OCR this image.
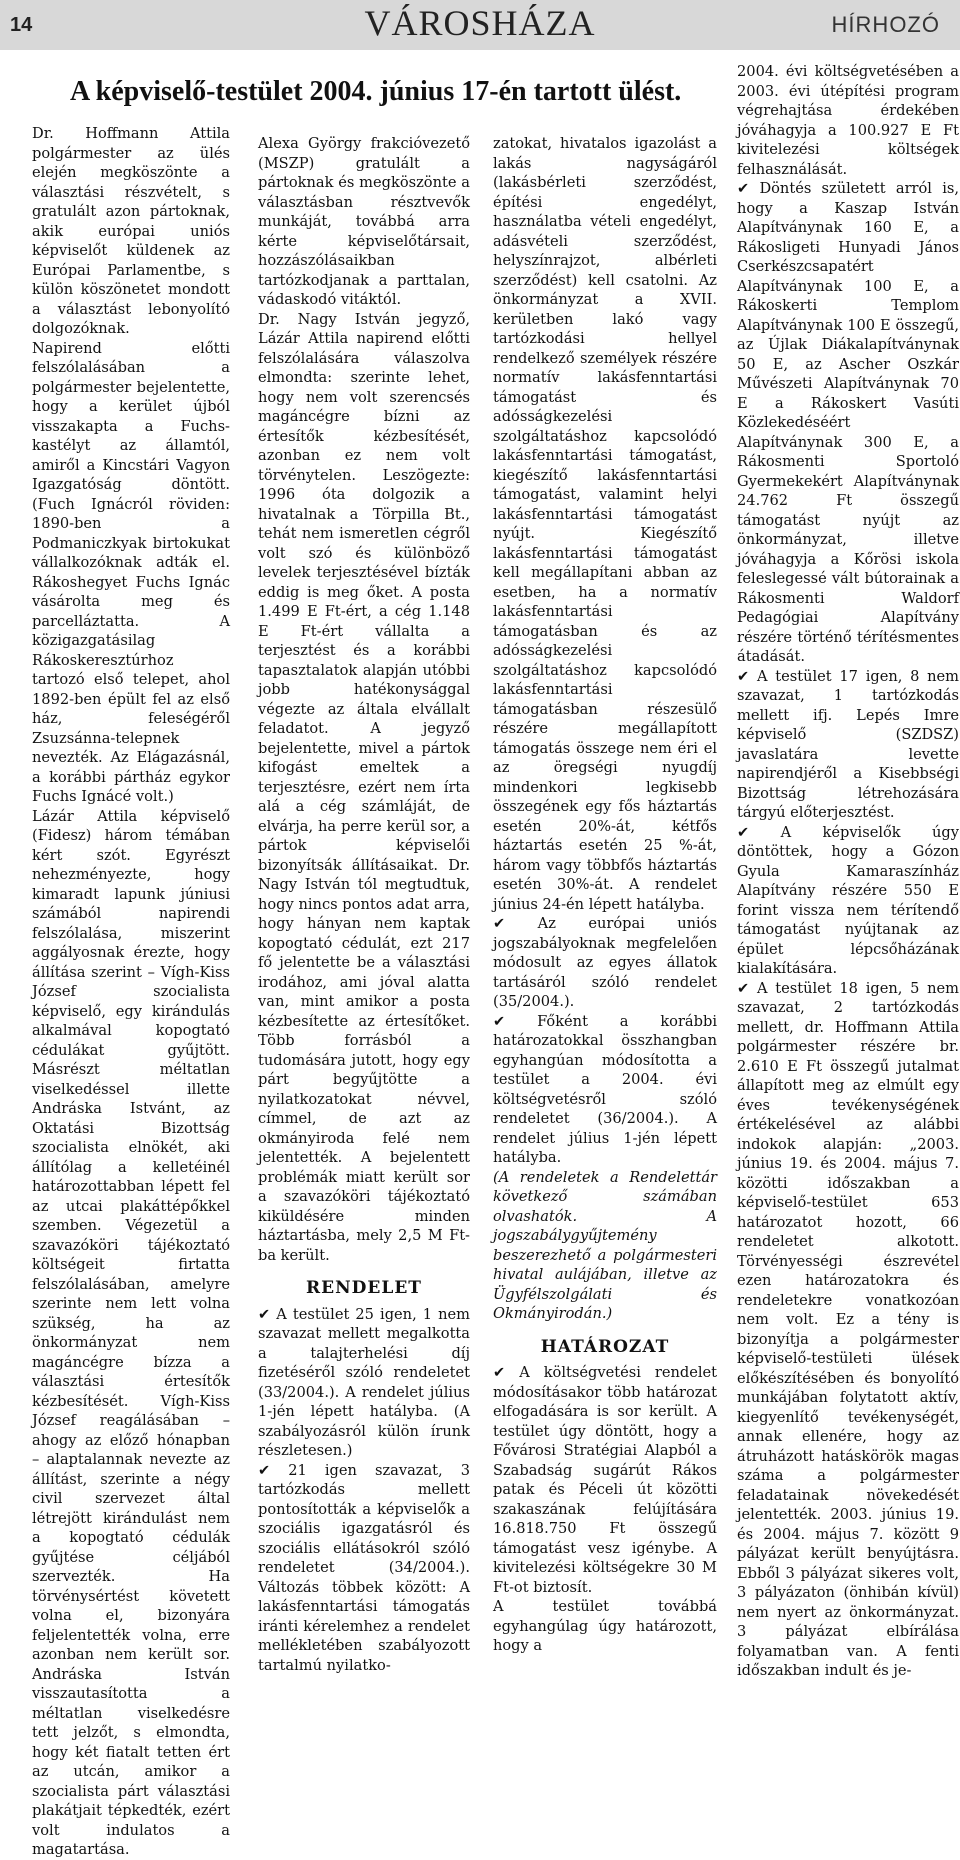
14	VÁROSHÁZA	HÍRHOZÓ
A képviselő-testület 2004. június 17-én tartott ülést.

Dr. Hoffmann Attila polgármester az ülés elején megköszönte a választási részvételt, s gratulált azon pártoknak, akik európai uniós képviselőt küldenek az Európai Parlamentbe, s külön köszönetet mondott a választást lebonyolító dolgozóknak.

Napirend előtti felszólalásában a polgármester bejelentette, hogy a kerület újból visszakapta a Fuchs-kastélyt az államtól, amiről a Kincstári Vagyon Igazgatóság döntött. (Fuch Ignácról röviden: 1890-ben a Podmaniczkyak birtokukat vállalkozóknak adták el. Rákoshegyet Fuchs Ignác vásárolta meg és parcelláztatta. A közigazgatásilag Rákoskeresztúrhoz tartozó első telepet, ahol 1892-ben épült fel az első ház, feleségéről Zsuzsánna-telepnek nevezték. Az Elágazásnál, a korábbi pártház egykor Fuchs Ignácé volt.)

Lázár Attila képviselő (Fidesz) három témában kért szót. Egyrészt nehezményezte, hogy kimaradt lapunk júniusi számából napirendi felszólalása, miszerint aggályosnak érezte, hogy állítása szerint – Vígh-Kiss József szocialista képviselő, egy kirándulás alkalmával kopogtató cédulákat gyűjtött. Másrészt méltatlan viselkedéssel illette Andráska Istvánt, az Oktatási Bizottság szocialista elnökét, aki állítólag a kelletéinél határozottabban lépett fel az utcai plakáttépőkkel szemben. Végezetül a szavazóköri tájékoztató költségeit firtatta felszólalásában, amelyre szerinte nem lett volna szükség, ha az önkormányzat nem magáncégre bízza a választási értesítők kézbesítését. Vígh-Kiss József reagálásában – ahogy az előző hónapban – alaptalannak nevezte az állítást, szerinte a négy civil szervezet által létrejött kirándulást nem a kopogtató cédulák gyűjtése céljából szervezték. Ha törvénysértést követett volna el, bizonyára feljelentették volna, erre azonban nem került sor. Andráska István visszautasította a méltatlan viselkedésre tett jelzőt, s elmondta, hogy két fiatalt tetten ért az utcán, amikor a szocialista párt választási plakátjait tépkedték, ezért volt indulatos a magatartása.

Alexa György frakcióvezető (MSZP) gratulált a pártoknak és megköszönte a választásban résztvevők munkáját, továbbá arra kérte képviselőtársait, hozzászólásaikban tartózkodjanak a parttalan, vádaskodó vitáktól.

Dr. Nagy István jegyző, Lázár Attila napirend előtti felszólalására válaszolva elmondta: szerinte lehet, hogy nem volt szerencsés magáncégre bízni az értesítők kézbesítését, azonban ez nem volt törvénytelen. Leszögezte: 1996 óta dolgozik a hivatalnak a Törpilla Bt., tehát nem ismeretlen cégről volt szó és különböző levelek terjesztésével bízták eddig is meg őket. A posta 1.499 E Ft-ért, a cég 1.148 E Ft-ért vállalta a terjesztést és a korábbi tapasztalatok alapján utóbbi jobb hatékonysággal végezte az általa elvállalt feladatot. A jegyző bejelentette, mivel a pártok kifogást emeltek a terjesztésre, ezért nem írta alá a cég számláját, de elvárja, ha perre kerül sor, a pártok képviselői bizonyítsák állításaikat. Dr. Nagy István tól megtudtuk, hogy nincs pontos adat arra, hogy hányan nem kaptak kopogtató cédulát, ezt 217 fő jelentette be a választási irodához, ami jóval alatta van, mint amikor a posta kézbesítette az értesítőket. Több forrásból a tudomására jutott, hogy egy párt begyűjtötte a nyilatkozatokat névvel, címmel, de azt az okmányiroda felé nem jelentették. A bejelentett problémák miatt került sor a szavazóköri tájékoztató kiküldésére minden háztartásba, mely 2,5 M Ft-ba került.

RENDELET

✔ A testület 25 igen, 1 nem szavazat mellett megalkotta a talajterhelési díj fizetéséről szóló rendeletet (33/2004.). A rendelet július 1-jén lépett hatályba. (A szabályozásról külön írunk részletesen.)

✔ 21 igen szavazat, 3 tartózkodás mellett pontosították a képviselők a szociális igazgatásról és szociális ellátásokról szóló rendeletet (34/2004.). Változás többek között: A lakásfenntartási támogatás iránti kérelemhez a rendelet mellékletében szabályozott tartalmú nyilatko-

zatokat, hivatalos igazolást a lakás nagyságáról (lakásbérleti szerződést, építési engedélyt, használatba vételi engedélyt, adásvételi szerződést, helyszínrajzot, albérleti szerződést) kell csatolni. Az önkormányzat a XVII. kerületben lakó vagy tartózkodási hellyel rendelkező személyek részére normatív lakásfenntartási támogatást és adósságkezelési szolgáltatáshoz kapcsolódó lakásfenntartási támogatást, kiegészítő lakásfenntartási támogatást, valamint helyi lakásfenntartási támogatást nyújt. Kiegészítő lakásfenntartási támogatást kell megállapítani abban az esetben, ha a normatív lakásfenntartási támogatásban és az adósságkezelési szolgáltatáshoz kapcsolódó lakásfenntartási támogatásban részesülő részére megállapított támogatás összege nem éri el az öregségi nyugdíj mindenkori legkisebb összegének egy fős háztartás esetén 20%-át, kétfős háztartás esetén 25 %-át, három vagy többfős háztartás esetén 30%-át. A rendelet június 24-én lépett hatályba.

✔ Az európai uniós jogszabályoknak megfelelően módosult az egyes állatok tartásáról szóló rendelet (35/2004.).

✔ Főként a korábbi határozatokkal összhangban egyhangúan módosította a testület a 2004. évi költségvetésről szóló rendeletet (36/2004.). A rendelet július 1-jén lépett hatályba.

(A rendeletek a Rendelettár következő számában olvashatók. A jogszabálygyűjtemény beszerezhető a polgármesteri hivatal aulájában, illetve az Ügyfélszolgálati és Okmányirodán.)

HATÁROZAT

✔ A költségvetési rendelet módosításakor több határozat elfogadására is sor került. A testület úgy döntött, hogy a Fővárosi Stratégiai Alapból a Szabadság sugárút Rákos patak és Péceli út közötti szakaszának felújítására 16.818.750 Ft összegű támogatást vesz igénybe. A kivitelezési költségekre 30 M Ft-ot biztosít.

A testület továbbá egyhangúlag úgy határozott, hogy a

2004. évi költségvetésében a 2003. évi útépítési program végrehajtása érdekében jóváhagyja a 100.927 E Ft kivitelezési költségek felhasználását.

✔ Döntés született arról is, hogy a Kaszap István Alapítványnak 160 E, a Rákosligeti Hunyadi János Cserkészcsapatért Alapítványnak 100 E, a Rákoskerti Templom Alapítványnak 100 E összegű, az Újlak Diákalapítványnak 50 E, az Ascher Oszkár Művészeti Alapítványnak 70 E a Rákoskert Vasúti Közlekedéséért Alapítványnak 300 E, a Rákosmenti Sportoló Gyermekekért Alapítványnak 24.762 Ft összegű támogatást nyújt az önkormányzat, illetve jóváhagyja a Kőrösi iskola feleslegessé vált bútorainak a Rákosmenti Waldorf Pedagógiai Alapítvány részére történő térítésmentes átadását.

✔ A testület 17 igen, 8 nem szavazat, 1 tartózkodás mellett ifj. Lepés Imre képviselő (SZDSZ) javaslatára levette napirendjéről a Kisebbségi Bizottság létrehozására tárgyú előterjesztést.

✔ A képviselők úgy döntöttek, hogy a Gózon Gyula Kamaraszínház Alapítvány részére 550 E forint vissza nem térítendő támogatást nyújtanak az épület lépcsőházának kialakítására.

✔ A testület 18 igen, 5 nem szavazat, 2 tartózkodás mellett, dr. Hoffmann Attila polgármester részére br. 2.610 E Ft összegű jutalmat állapított meg az elmúlt egy éves tevékenységének értékelésével az alábbi indokok alapján: „2003. június 19. és 2004. május 7. közötti időszakban a képviselő-testület 653 határozatot hozott, 66 rendeletet alkotott. Törvényességi észrevétel ezen határozatokra és rendeletekre vonatkozóan nem volt. Ez a tény is bizonyítja a polgármester képviselő-testületi ülések előkészítésében és bonyolító munkájában folytatott aktív, kiegyenlítő tevékenységét, annak ellenére, hogy az átruházott hatáskörök magas száma a polgármester feladatainak növekedését jelentették. 2003. június 19. és 2004. május 7. között 9 pályázat került benyújtásra. Ebből 3 pályázat sikeres volt, 3 pályázaton (önhibán kívül) nem nyert az önkormányzat. 3 pályázat elbírálása folyamatban van. A fenti időszakban indult és je-
